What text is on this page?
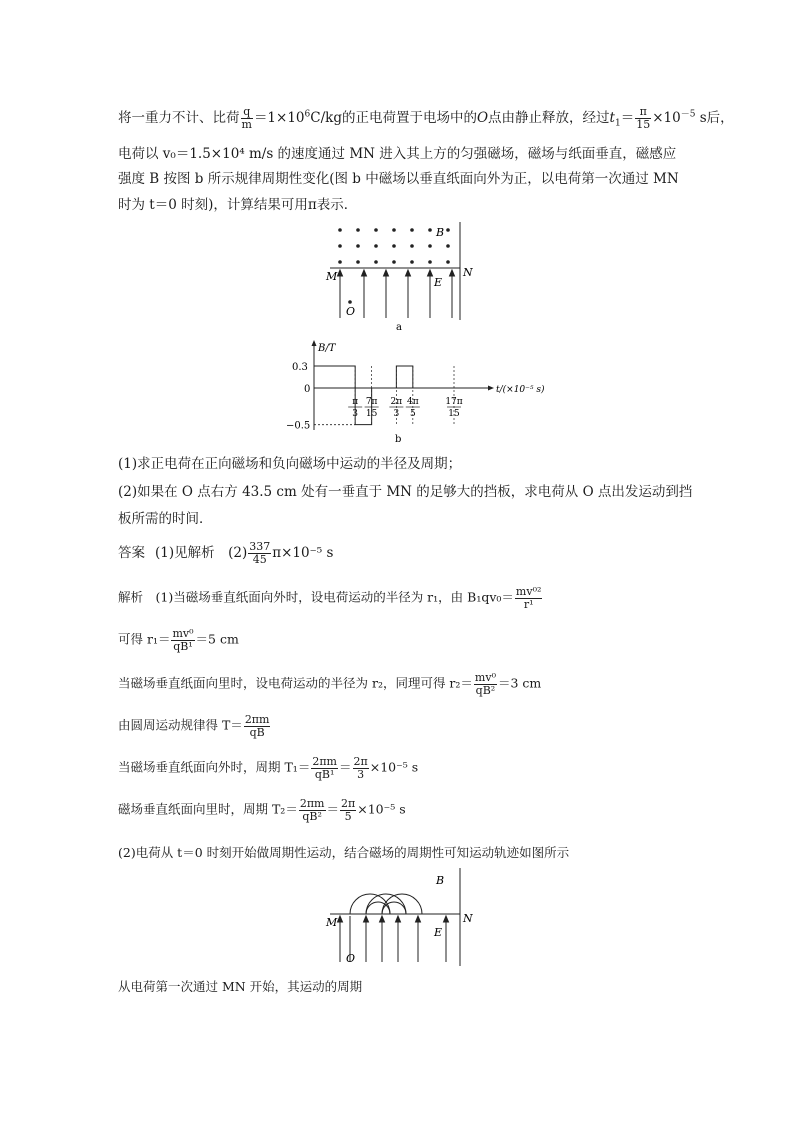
将一重力不计、比荷 $\frac{q}{m} =1\times 10^6C/kg$的正电荷置于电场中的O点由静止释放，经过$t_1= \frac{\pi}{15} \times 10^{-5}$ s后，
电荷以 v₀＝1.5×10⁴ m/s 的速度通过 MN 进入其上方的匀强磁场，磁场与纸面垂直，磁感应
强度 B 按图 b 所示规律周期性变化(图 b 中磁场以垂直纸面向外为正，以电荷第一次通过 MN
时为 t＝0 时刻)，计算结果可用π表示．
B
M	N
E
O
a
B/T
t/(×10⁻⁵ s)
0.3
0
−0.5
π
3
7π
15
2π
3
4π
5
17π
15
b
(1)求正电荷在正向磁场和负向磁场中运动的半径及周期；
(2)如果在 O 点右方 43.5 cm 处有一垂直于 MN 的足够大的挡板，求电荷从 O 点出发运动到挡
板所需的时间．
答案 (1)见解析　$(2) \frac{337}{45} \pi\times 10^{-5}$ s
解析　(1)当磁场垂直纸面向外时，设电荷运动的半径为 r₁，由 $B_1qv_0= \frac{\text{mv⁰²}}{\text{r¹}}$
可得 $r_1= \frac{\text{mv⁰}}{\text{qB¹}} =5$ cm
当磁场垂直纸面向里时，设电荷运动的半径为 r₂，同理可得 $r_2= \frac{\text{mv⁰}}{\text{qB²}} =3$ cm
由圆周运动规律得 $T= \frac{2\pi m}{qB}$
当磁场垂直纸面向外时，周期 $T_1= \frac{2\pi m}{\text{qB¹}} = \frac{2\pi}{3} \times 10^{-5}$ s
磁场垂直纸面向里时，周期 $T_2= \frac{2\pi m}{\text{qB²}} = \frac{2\pi}{5} \times 10^{-5}$ s
(2)电荷从 t＝0 时刻开始做周期性运动，结合磁场的周期性可知运动轨迹如图所示
B
M	N
E
O
从电荷第一次通过 MN 开始，其运动的周期
